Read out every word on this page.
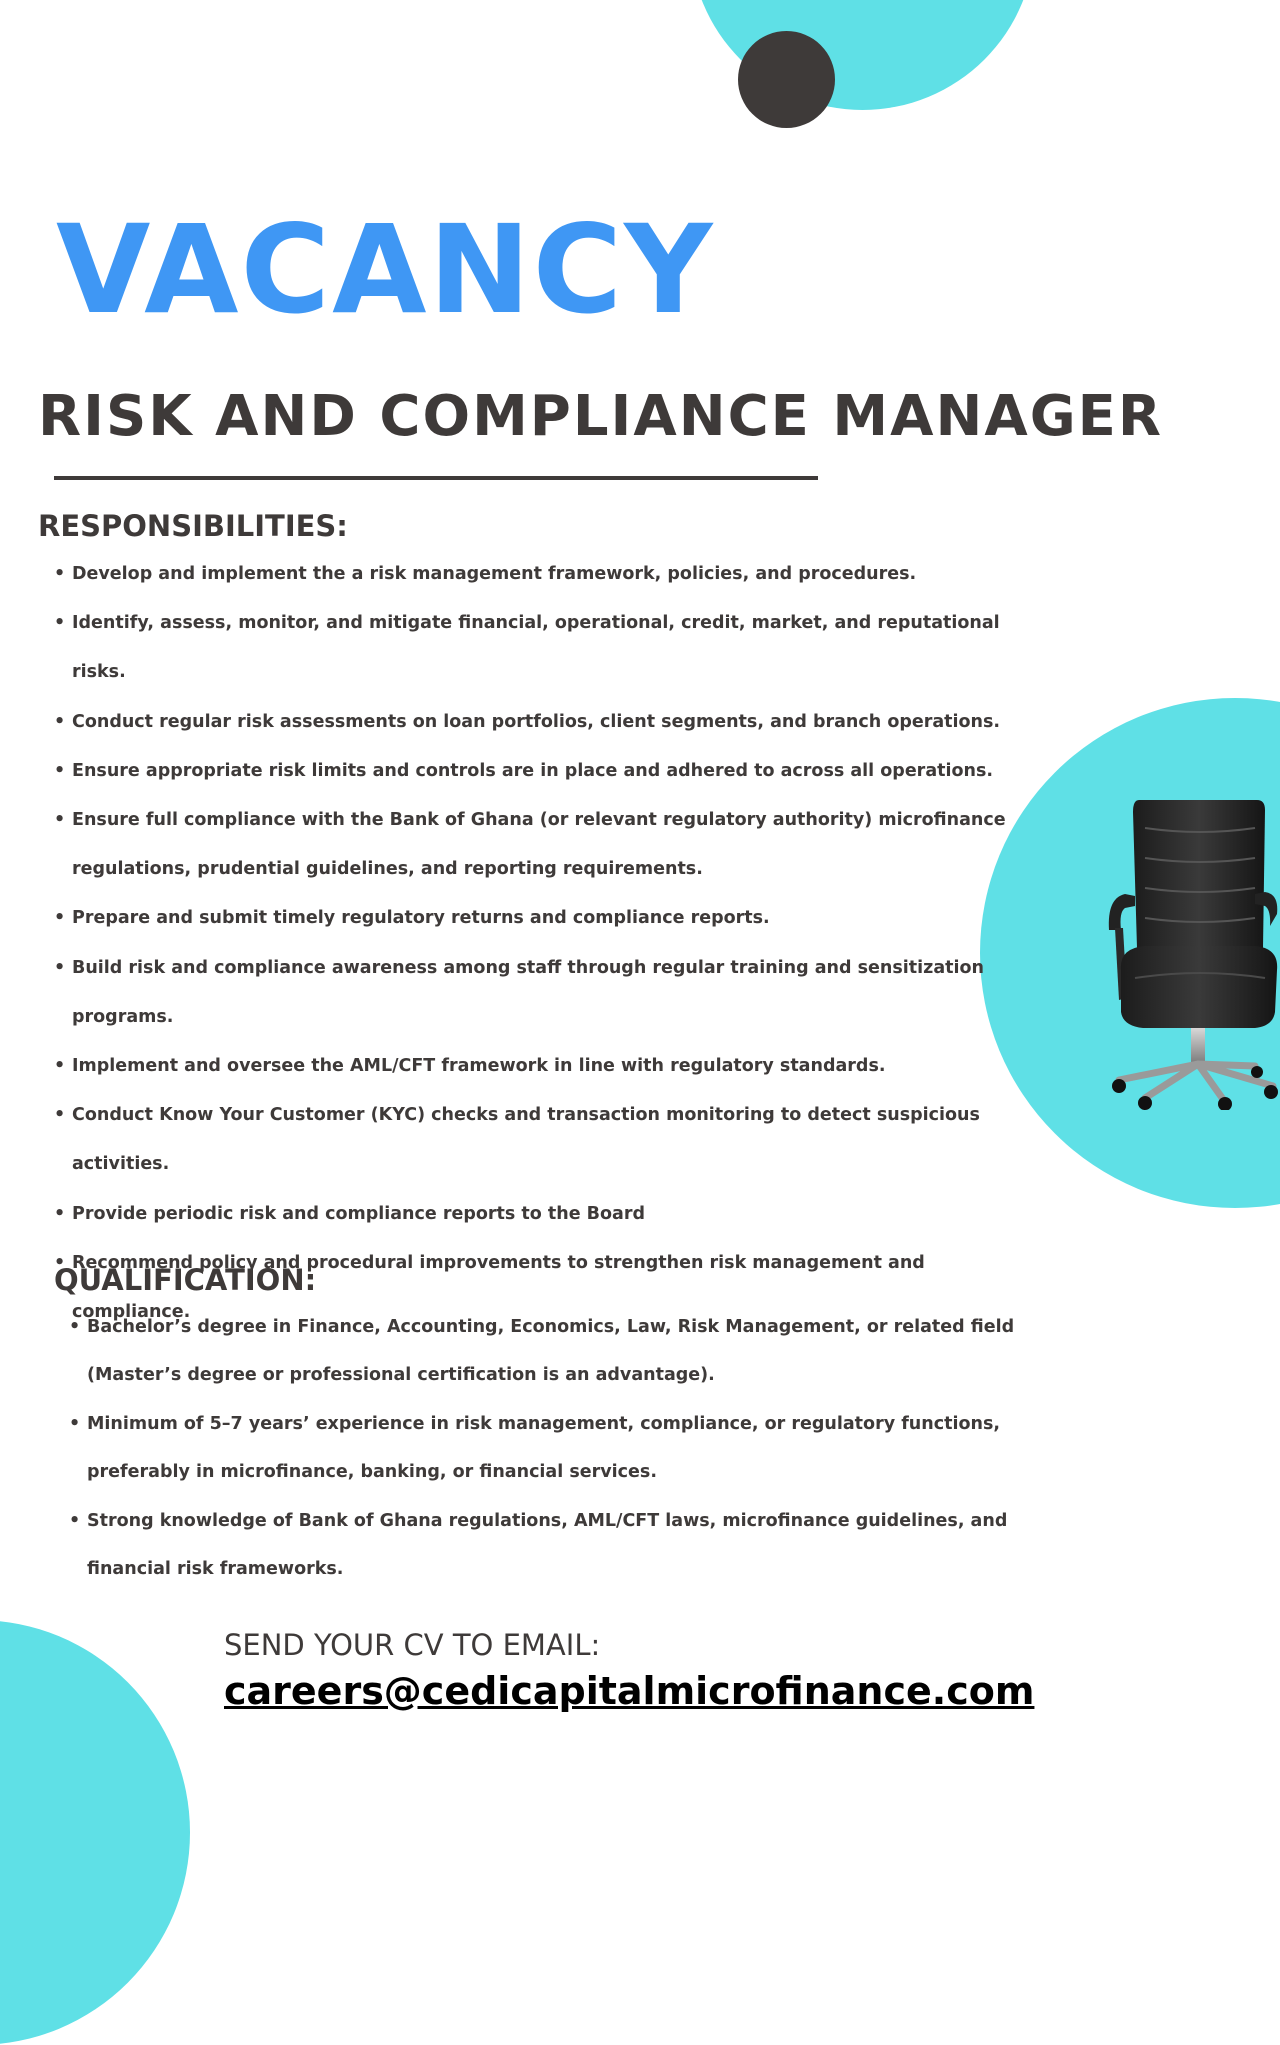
VACANCY
RISK AND COMPLIANCE MANAGER
RESPONSIBILITIES:
• Develop and implement the a risk management framework, policies, and procedures.
• Identify, assess, monitor, and mitigate financial, operational, credit, market, and reputational risks.
• Conduct regular risk assessments on loan portfolios, client segments, and branch operations.
• Ensure appropriate risk limits and controls are in place and adhered to across all operations.
• Ensure full compliance with the Bank of Ghana (or relevant regulatory authority) microfinance regulations, prudential guidelines, and reporting requirements.
• Prepare and submit timely regulatory returns and compliance reports.
• Build risk and compliance awareness among staff through regular training and sensitization programs.
• Implement and oversee the AML/CFT framework in line with regulatory standards.
• Conduct Know Your Customer (KYC) checks and transaction monitoring to detect suspicious activities.
• Provide periodic risk and compliance reports to the Board
• Recommend policy and procedural improvements to strengthen risk management and compliance.
QUALIFICATION:
• Bachelor’s degree in Finance, Accounting, Economics, Law, Risk Management, or related field (Master’s degree or professional certification is an advantage).
• Minimum of 5–7 years’ experience in risk management, compliance, or regulatory functions, preferably in microfinance, banking, or financial services.
• Strong knowledge of Bank of Ghana regulations, AML/CFT laws, microfinance guidelines, and financial risk frameworks.

SEND YOUR CV TO EMAIL:

careers@cedicapitalmicrofinance.com
